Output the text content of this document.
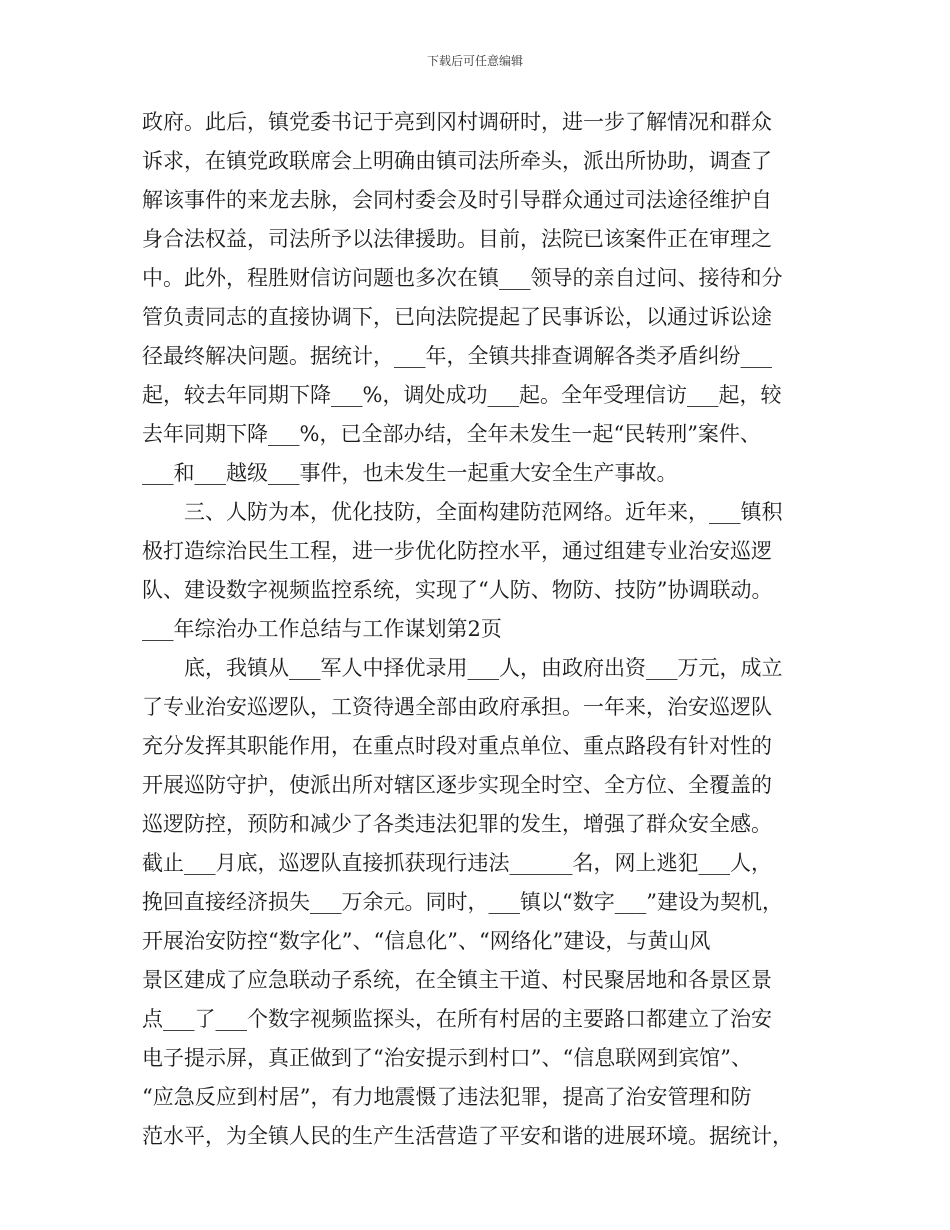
下载后可任意编辑
政府。此后，镇党委书记于亮到冈村调研时，进一步了解情况和群众
诉求，在镇党政联席会上明确由镇司法所牵头，派出所协助，调查了
解该事件的来龙去脉，会同村委会及时引导群众通过司法途径维护自
身合法权益，司法所予以法律援助。目前，法院已该案件正在审理之
中。此外，程胜财信访问题也多次在镇___领导的亲自过问、接待和分
管负责同志的直接协调下，已向法院提起了民事诉讼，以通过诉讼途
径最终解决问题。据统计，___年，全镇共排查调解各类矛盾纠纷___
起，较去年同期下降___%，调处成功___起。全年受理信访___起，较
去年同期下降___%，已全部办结，全年未发生一起“民转刑”案件、
___和___越级___事件，也未发生一起重大安全生产事故。
　　三、人防为本，优化技防，全面构建防范网络。近年来，___镇积
极打造综治民生工程，进一步优化防控水平，通过组建专业治安巡逻
队、建设数字视频监控系统，实现了“人防、物防、技防”协调联动。
___年综治办工作总结与工作谋划第2页
　　底，我镇从___军人中择优录用___人，由政府出资___万元，成立
了专业治安巡逻队，工资待遇全部由政府承担。一年来，治安巡逻队
充分发挥其职能作用，在重点时段对重点单位、重点路段有针对性的
开展巡防守护，使派出所对辖区逐步实现全时空、全方位、全覆盖的
巡逻防控，预防和减少了各类违法犯罪的发生，增强了群众安全感。
截止___月底，巡逻队直接抓获现行违法______名，网上逃犯___人，
挽回直接经济损失___万余元。同时，___镇以“数字___”建设为契机，
开展治安防控“数字化”、“信息化”、“网络化”建设，与黄山风
景区建成了应急联动子系统，在全镇主干道、村民聚居地和各景区景
点___了___个数字视频监探头，在所有村居的主要路口都建立了治安
电子提示屏，真正做到了“治安提示到村口”、“信息联网到宾馆”、
“应急反应到村居”，有力地震慑了违法犯罪，提高了治安管理和防
范水平，为全镇人民的生产生活营造了平安和谐的进展环境。据统计，
